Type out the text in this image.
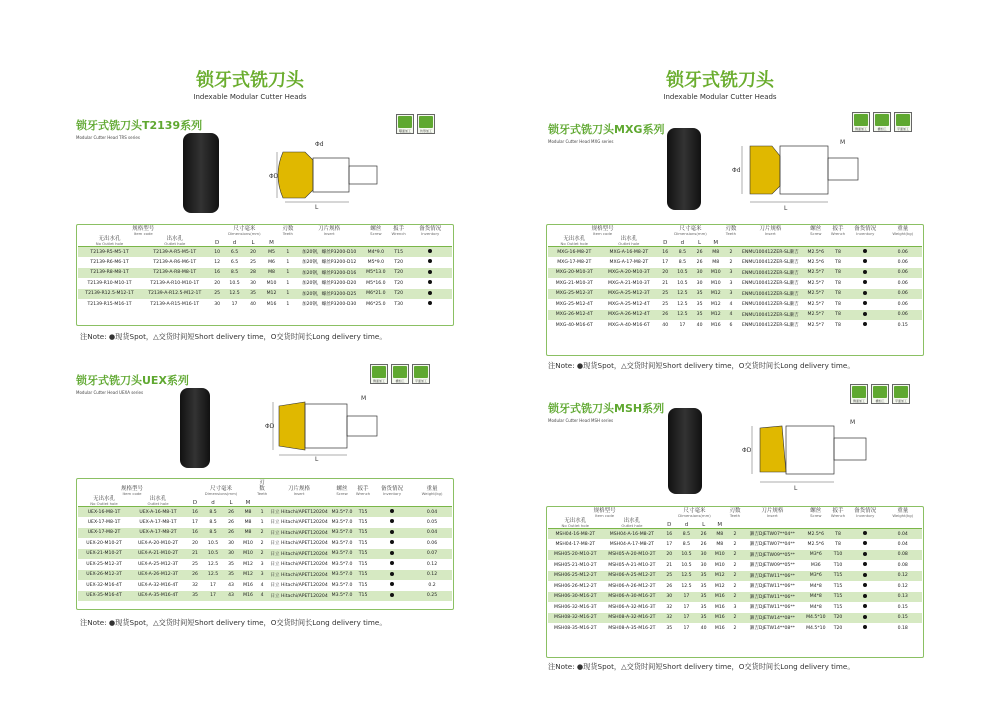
锁牙式铣刀头
Indexable Modular Cutter Heads
锁牙式铣刀头T2139系列
Modular Cutter Head TRS series
ΦD
Φd
L
曝面加工	仿形加工
规格型号
Item code		尺寸毫米
Dimensions(mm)				刃数
Teeth	刀片规格
Insert	螺丝
Screw	扳手
Wrench	备货情况
Inventory

无出水孔
No Outlet hole	出水孔
Outlet hole	D	d	L	M					
T2139-R5-M5-1T	T2139-A-R5-M5-1T	10	6.5	20	M5	1	加20钢，螺丝P3200-D10	M4*9.0	T15	
T2139-R6-M6-1T	T2139-A-R6-M6-1T	12	6.5	25	M6	1	加20钢，螺丝P3200-D12	M5*9.0	T20	
T2139-R8-M8-1T	T2139-A-R8-M8-1T	16	8.5	28	M8	1	加20钢，螺丝P3200-D16	M5*13.0	T20	
T2139-R10-M10-1T	T2139-A-R10-M10-1T	20	10.5	30	M10	1	加20钢，螺丝P3200-D20	M5*16.0	T20	
T2139-R12.5-M12-1T	T2139-A-R12.5-M12-1T	25	12.5	35	M12	1	加20钢，螺丝P3200-D25	M6*21.0	T20	
T2139-R15-M16-1T	T2139-A-R15-M16-1T	30	17	40	M16	1	加20钢，螺丝P3200-D30	M6*25.0	T30	
注Note: ●现货Spot，△交货时间短Short delivery time，O交货时间长Long delivery time。
锁牙式铣刀头UEX系列
Modular Cutter Head UEXA series
ΦD
L
M
侧面加工	槽加工	平面加工
规格型号
Item code		尺寸毫米
Dimensions(mm)				刃数
Teeth	刀片规格
Insert	螺丝
Screw	扳手
Wrench	备货情况
Inventory	重量
Weight(kg)

无出水孔
No Outlet hole	出水孔
Outlet hole	D	d	L	M						
UEX-16-M8-1T	UEX-A-16-M8-1T	16	8.5	26	M8	1	日立 Hitachi/APET120204	M3.5*7.0	T15		0.04
UEX-17-M8-1T	UEX-A-17-M8-1T	17	8.5	26	M8	1	日立 Hitachi/APET120204	M3.5*7.0	T15		0.05
UEX-17-M8-2T	UEX-A-17-M8-2T	16	8.5	26	M8	2	日立 Hitachi/APET120204	M3.5*7.0	T15		0.04
UEX-20-M10-2T	UEX-A-20-M10-2T	20	10.5	30	M10	2	日立 Hitachi/APET120204	M3.5*7.0	T15		0.06
UEX-21-M10-2T	UEX-A-21-M10-2T	21	10.5	30	M10	2	日立 Hitachi/APET120204	M3.5*7.0	T15		0.07
UEX-25-M12-3T	UEX-A-25-M12-3T	25	12.5	35	M12	3	日立 Hitachi/APET120204	M3.5*7.0	T15		0.12
UEX-26-M12-3T	UEX-A-26-M12-3T	26	12.5	35	M12	3	日立 Hitachi/APET120204	M3.5*7.0	T15		0.12
UEX-32-M16-4T	UEX-A-32-M16-4T	32	17	43	M16	4	日立 Hitachi/APET120204	M3.5*7.0	T15		0.2
UEX-35-M16-4T	UEX-A-35-M16-4T	35	17	43	M16	4	日立 Hitachi/APET120204	M3.5*7.0	T15		0.25
注Note: ●现货Spot，△交货时间短Short delivery time，O交货时间长Long delivery time。
锁牙式铣刀头
Indexable Modular Cutter Heads
锁牙式铣刀头MXG系列
Modular Cutter Head MXG series
Φd
L
M
侧面加工	槽加工	平面加工
规格型号
Item code		尺寸毫米
Dimensions(mm)				刃数
Teeth	刀片规格
Insert	螺丝
Screw	扳手
Wrench	备货情况
Inventory	重量
Weight(kg)

无出水孔
No Outlet hole	出水孔
Outlet hole	D	d	L	M						
MXG-16-M8-2T	MXG-A-16-M8-2T	16	8.5	26	M8	2	ENMU100412ZER-SL濑吉	M2.5*6	T8		0.06
MXG-17-M8-2T	MXG-A-17-M8-2T	17	8.5	26	M8	2	ENMU100412ZER-SL濑吉	M2.5*6	T8		0.06
MXG-20-M10-3T	MXG-A-20-M10-3T	20	10.5	30	M10	3	ENMU100412ZER-SL濑吉	M2.5*7	T8		0.06
MXG-21-M10-3T	MXG-A-21-M10-3T	21	10.5	30	M10	3	ENMU100412ZER-SL濑吉	M2.5*7	T8		0.06
MXG-25-M12-3T	MXG-A-25-M12-3T	25	12.5	35	M12	3	ENMU100412ZER-SL濑吉	M2.5*7	T8		0.06
MXG-25-M12-4T	MXG-A-25-M12-4T	25	12.5	35	M12	4	ENMU100412ZER-SL濑吉	M2.5*7	T8		0.06
MXG-26-M12-4T	MXG-A-26-M12-4T	26	12.5	35	M12	4	ENMU100412ZER-SL濑吉	M2.5*7	T8		0.06
MXG-40-M16-6T	MXG-A-40-M16-6T	40	17	40	M16	6	ENMU100412ZER-SL濑吉	M2.5*7	T8		0.15
注Note: ●现货Spot，△交货时间短Short delivery time，O交货时间长Long delivery time。
锁牙式铣刀头MSH系列
Modular Cutter Head MSH series
ΦD
L
M
侧面加工	槽加工	平面加工
规格型号
Item code		尺寸毫米
Dimensions(mm)				刃数
Teeth	刀片规格
Insert	螺丝
Screw	扳手
Wrench	备货情况
Inventory	重量
Weight(kg)

无出水孔
No Outlet hole	出水孔
Outlet hole	D	d	L	M						
MSH04-16-M8-2T	MSH04-A-16-M8-2T	16	8.5	26	M8	2	濑吉DJETW07**04**	M2.5*6	T8		0.04
MSH04-17-M8-2T	MSH04-A-17-M8-2T	17	8.5	26	M8	2	濑吉DJETW07**04**	M2.5*6	T8		0.04
MSH05-20-M10-2T	MSH05-A-20-M10-2T	20	10.5	30	M10	2	濑吉DJETW09**05**	M3*6	T10		0.08
MSH05-21-M10-2T	MSH05-A-21-M10-2T	21	10.5	30	M10	2	濑吉DJETW09**05**	M36	T10		0.08
MSH06-25-M12-2T	MSH06-A-25-M12-2T	25	12.5	35	M12	2	濑吉DJETW11**06**	M3*6	T15		0.12
MSH06-26-M12-2T	MSH06-A-26-M12-2T	26	12.5	35	M12	2	濑吉DJETW11**06**	M4*8	T15		0.12
MSH06-30-M16-2T	MSH06-A-30-M16-2T	30	17	35	M16	2	濑吉DJETW11**06**	M4*8	T15		0.13
MSH06-32-M16-3T	MSH06-A-32-M16-3T	32	17	35	M16	3	濑吉DJETW11**06**	M4*8	T15		0.15
MSH08-32-M16-2T	MSH08-A-32-M16-2T	32	17	35	M16	2	濑吉DJETW14**08**	M4.5*10	T20		0.15
MSH08-35-M16-2T	MSH08-A-35-M16-2T	35	17	40	M16	2	濑吉DJETW14**08**	M4.5*10	T20		0.18
注Note: ●现货Spot，△交货时间短Short delivery time，O交货时间长Long delivery time。
